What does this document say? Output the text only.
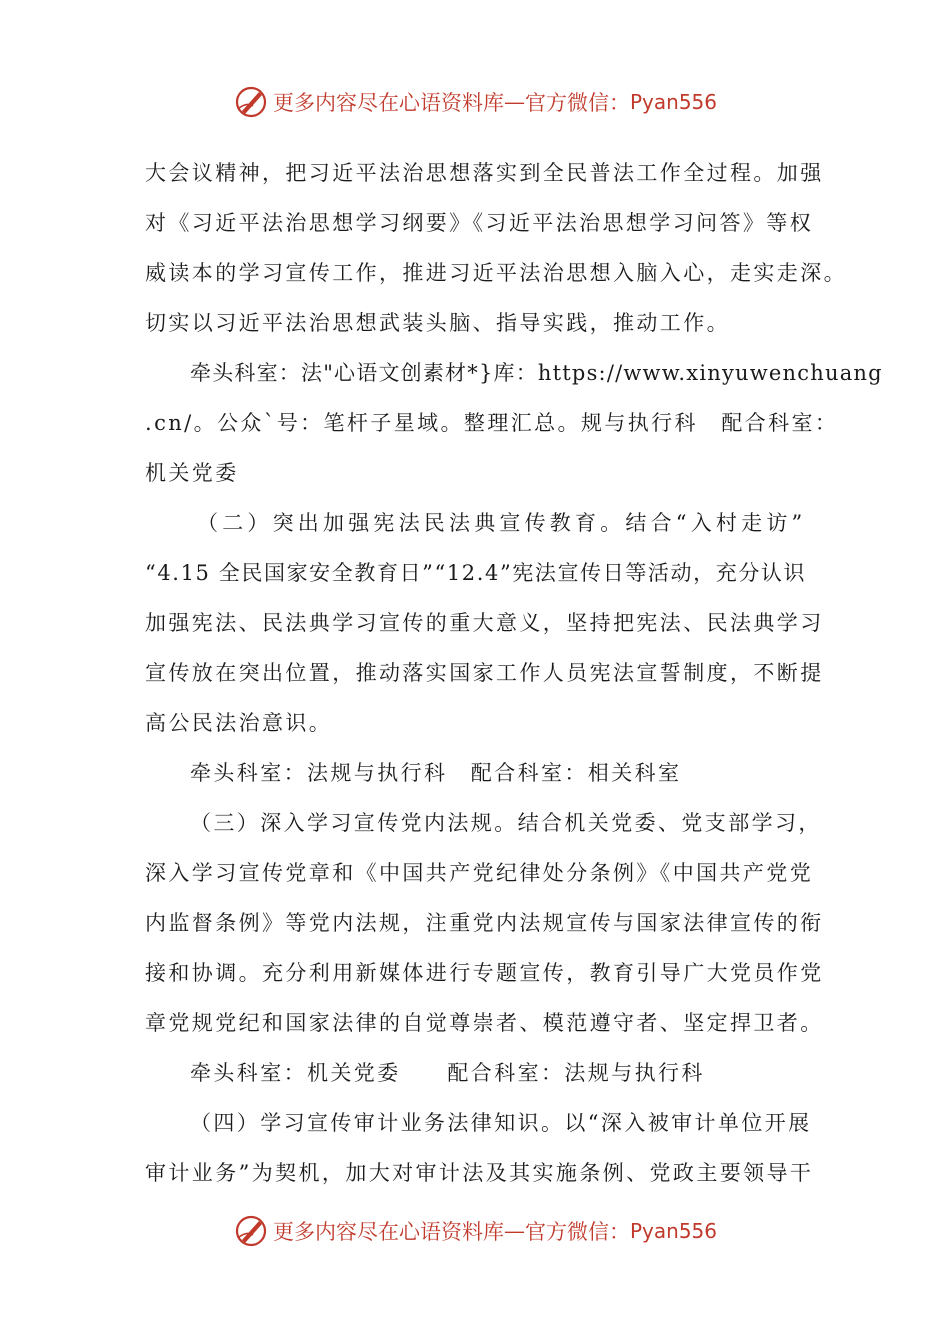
更多内容尽在心语资料库 — 官方微信： Pyan556
大会议精神，把习近平法治思想落实到全民普法工作全过程。加强
对《习近平法治思想学习纲要》《习近平法治思想学习问答》等权
威读本的学习宣传工作，推进习近平法治思想入脑入心，走实走深。
切实以习近平法治思想武装头脑、指导实践，推动工作。
牵头科室：法"心语文创素材*}库：https://www.xinyuwenchuang
.cn/。公众`号：笔杆子星域。整理汇总。规与执行科　配合科室：
机关党委
（二）突出加强宪法民法典宣传教育。结合“入村走访”
“4.15 全民国家安全教育日”“12.4”宪法宣传日等活动，充分认识
加强宪法、民法典学习宣传的重大意义，坚持把宪法、民法典学习
宣传放在突出位置，推动落实国家工作人员宪法宣誓制度，不断提
高公民法治意识。
牵头科室：法规与执行科　配合科室：相关科室
（三）深入学习宣传党内法规。结合机关党委、党支部学习，
深入学习宣传党章和《中国共产党纪律处分条例》《中国共产党党
内监督条例》等党内法规，注重党内法规宣传与国家法律宣传的衔
接和协调。充分利用新媒体进行专题宣传，教育引导广大党员作党
章党规党纪和国家法律的自觉尊崇者、模范遵守者、坚定捍卫者。
牵头科室：机关党委　　配合科室：法规与执行科
（四）学习宣传审计业务法律知识。以“深入被审计单位开展
审计业务”为契机，加大对审计法及其实施条例、党政主要领导干
更多内容尽在心语资料库 — 官方微信： Pyan556
